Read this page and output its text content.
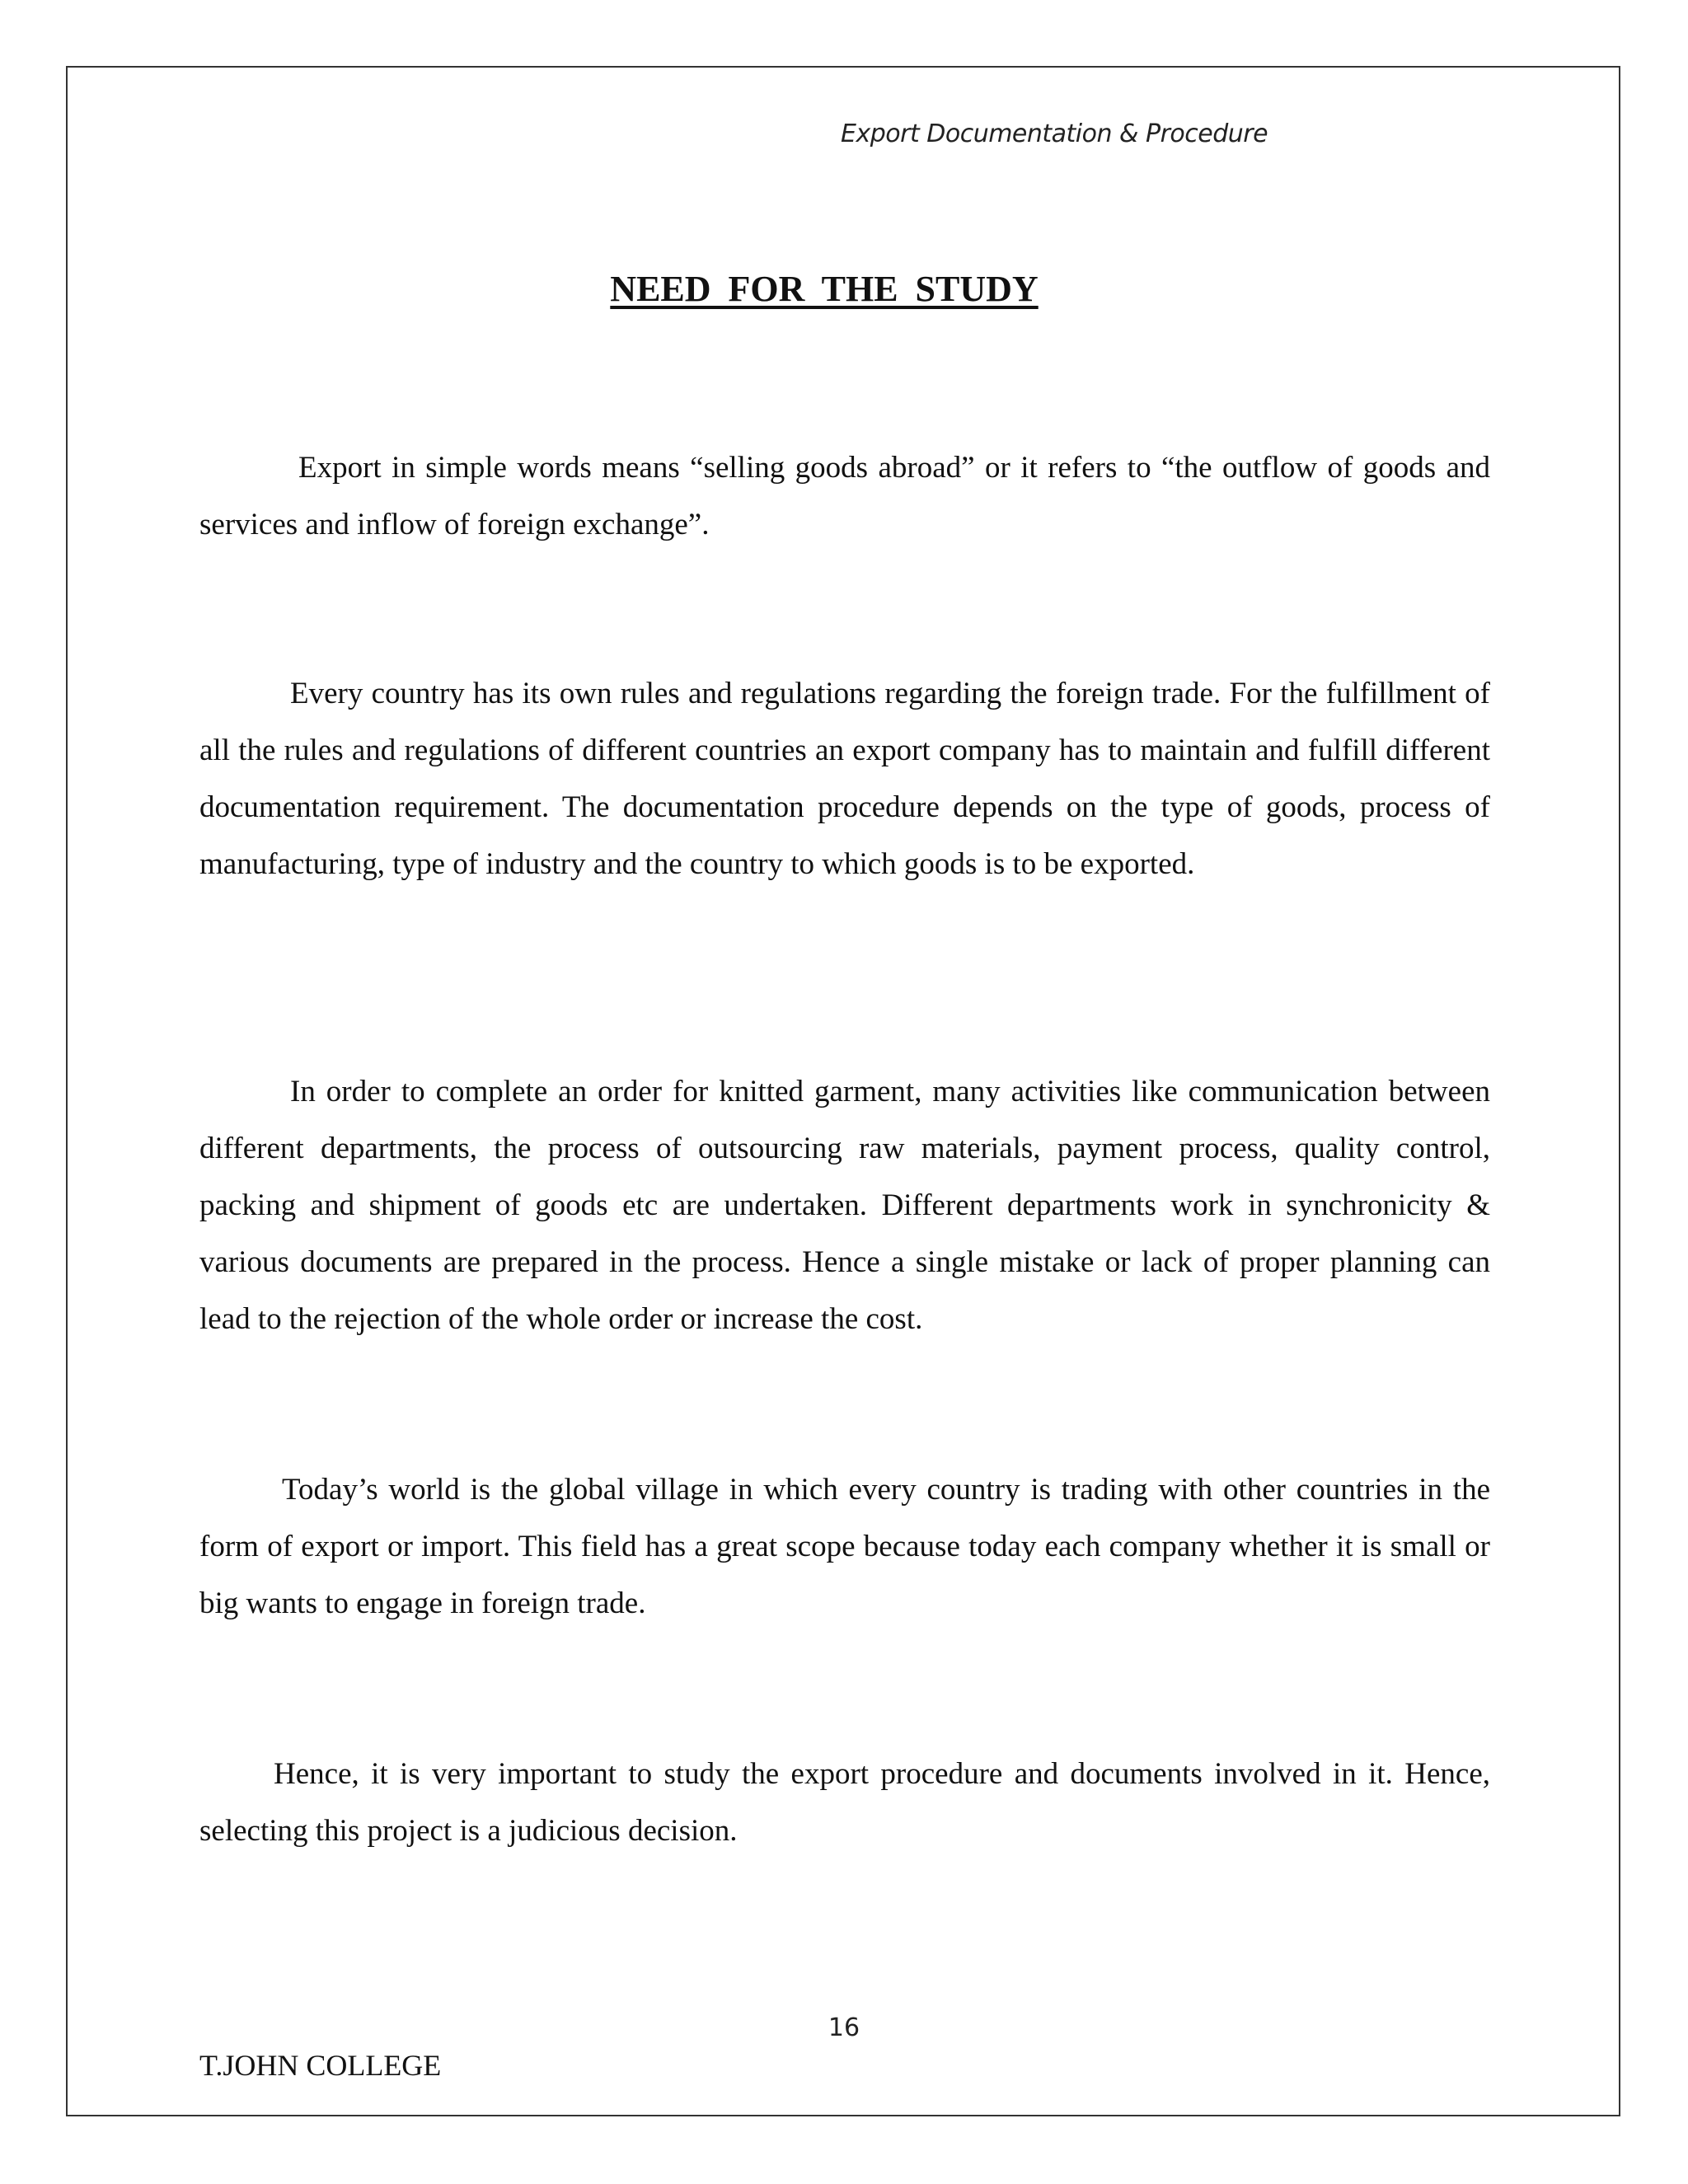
Export Documentation & Procedure
NEED FOR THE STUDY

Export in simple words means “selling goods abroad” or it refers to “the outflow of goods and services and inflow of foreign exchange”.

Every country has its own rules and regulations regarding the foreign trade. For the fulfillment of all the rules and regulations of different countries an export company has to maintain and fulfill different documentation requirement. The documentation procedure depends on the type of goods, process of manufacturing, type of industry and the country to which goods is to be exported.

In order to complete an order for knitted garment, many activities like communication between different departments, the process of outsourcing raw materials, payment process, quality control, packing and shipment of goods etc are undertaken. Different departments work in synchronicity & various documents are prepared in the process. Hence a single mistake or lack of proper planning can lead to the rejection of the whole order or increase the cost.

Today’s world is the global village in which every country is trading with other countries in the form of export or import. This field has a great scope because today each company whether it is small or big wants to engage in foreign trade.

Hence, it is very important to study the export procedure and documents involved in it. Hence, selecting this project is a judicious decision.

16
T.JOHN COLLEGE
